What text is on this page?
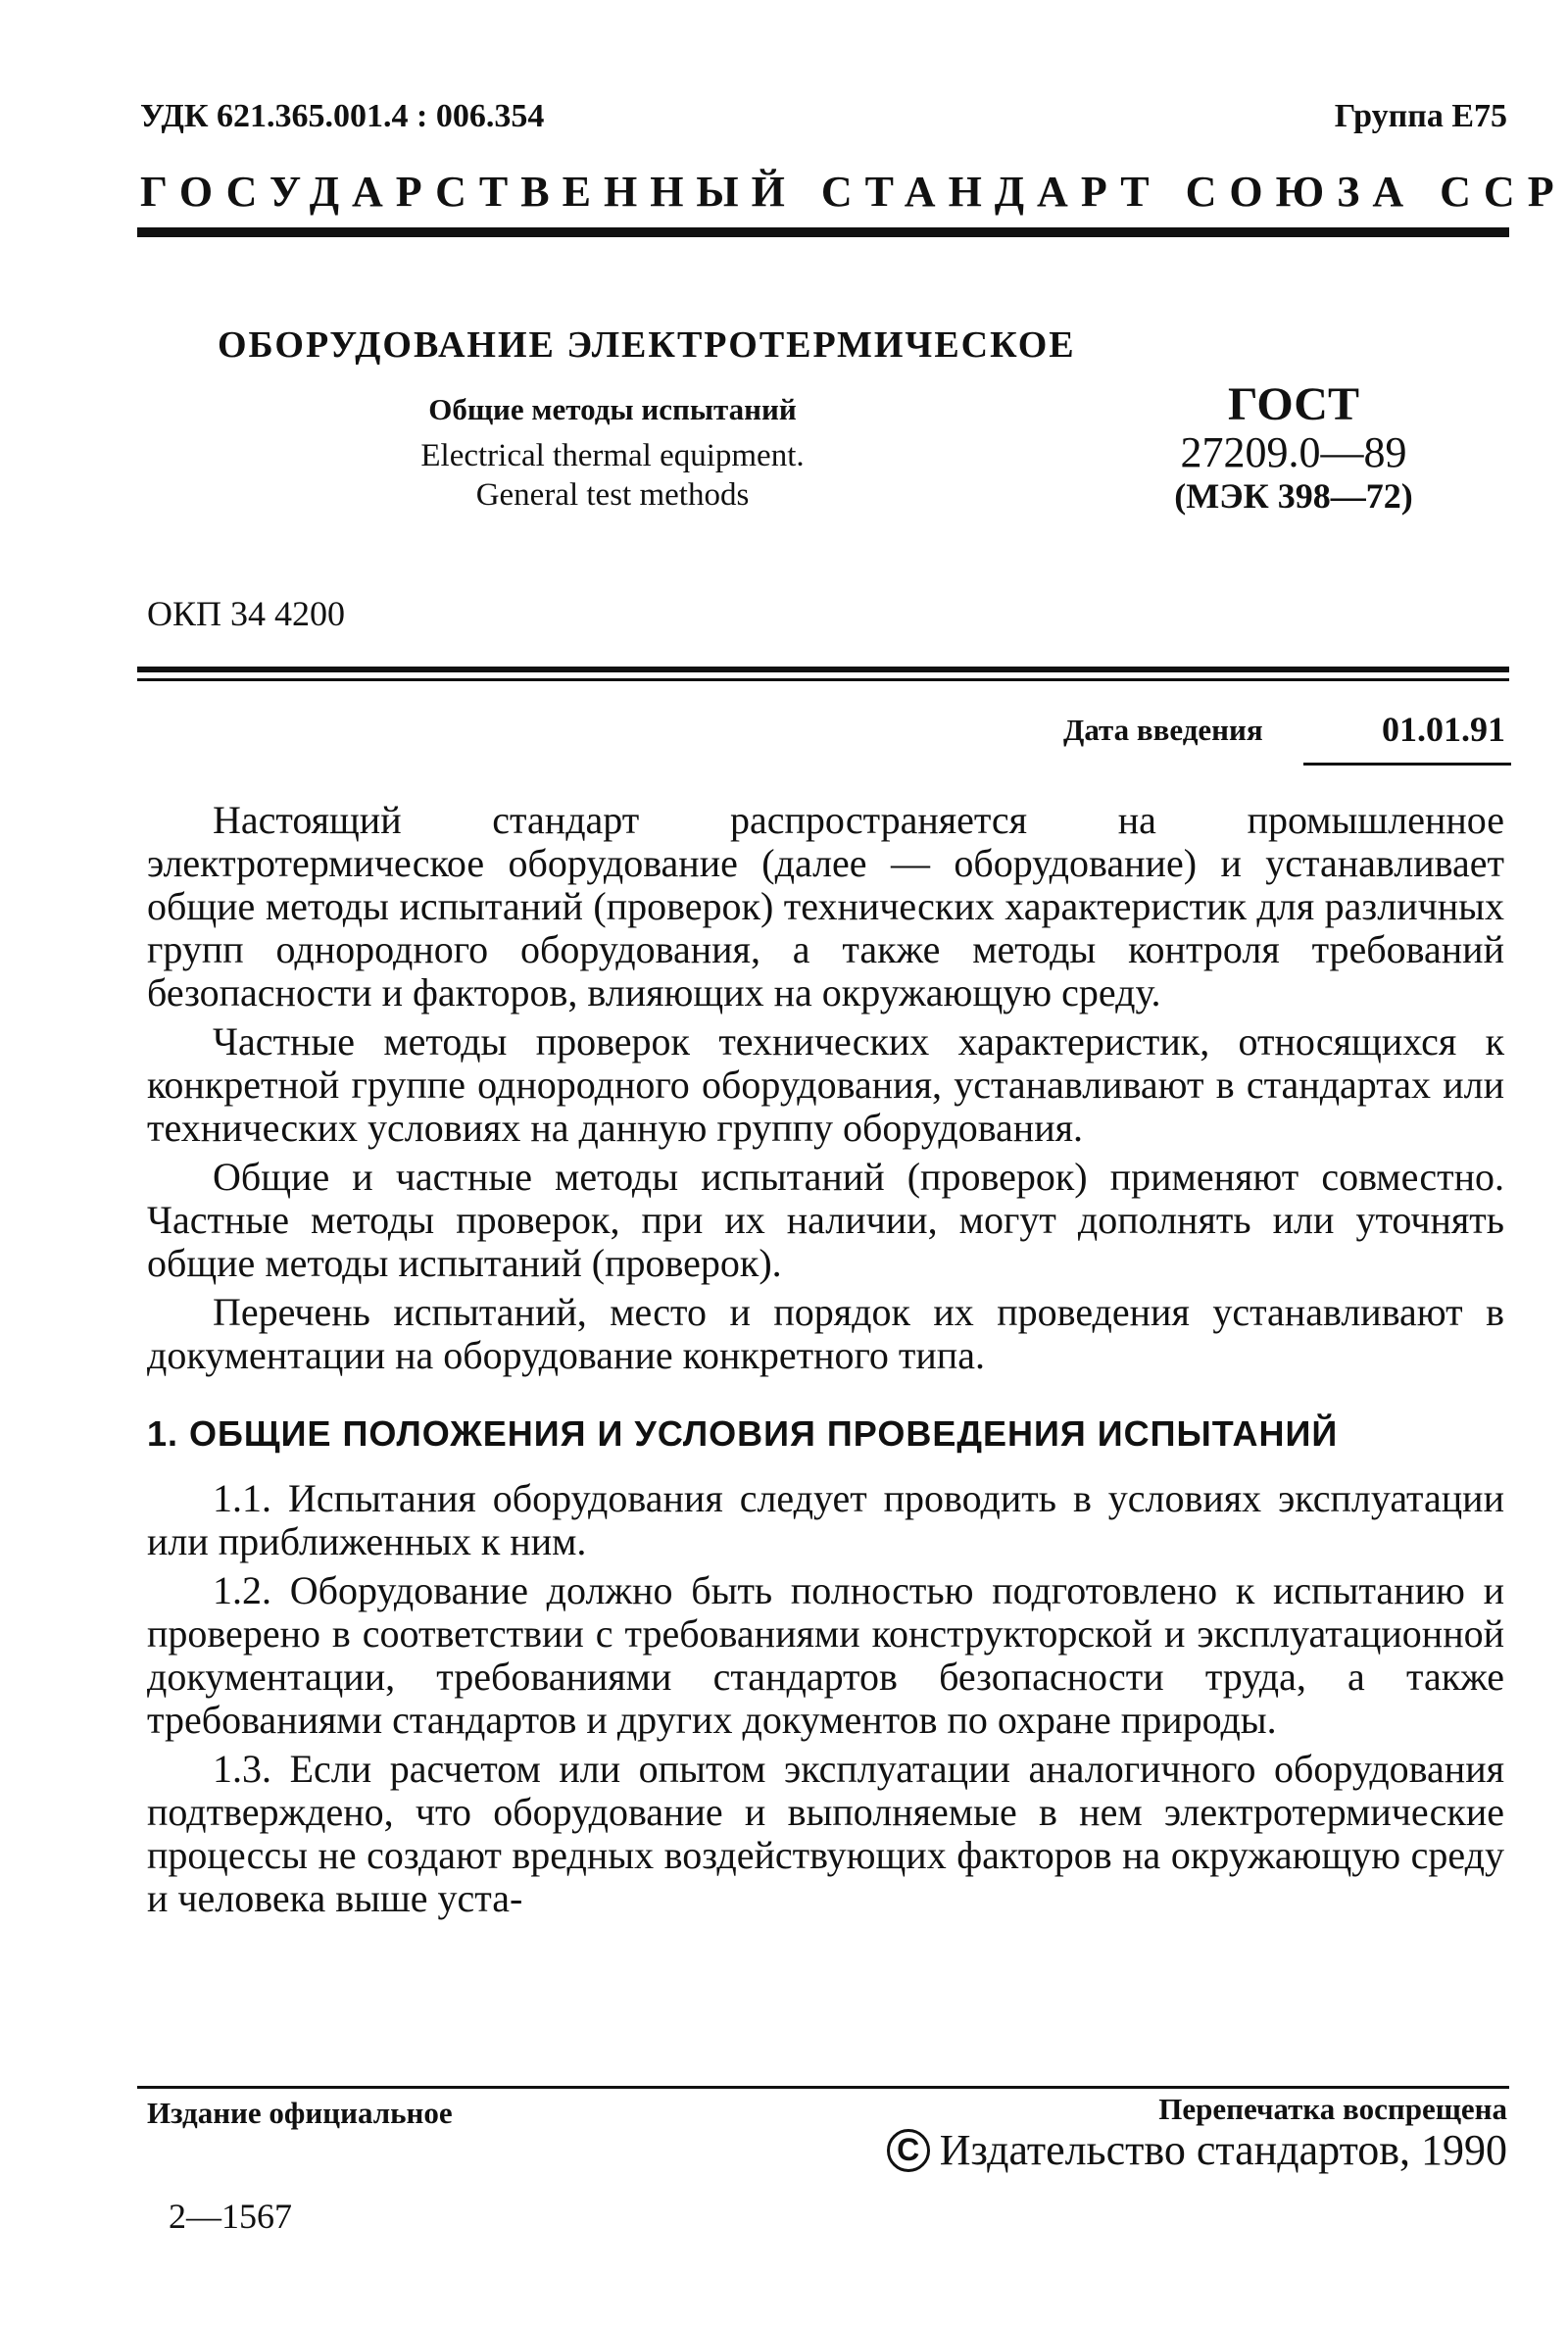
УДК 621.365.001.4 : 006.354	Группа Е75
ГОСУДАРСТВЕННЫЙ СТАНДАРТ СОЮЗА ССР
ОБОРУДОВАНИЕ ЭЛЕКТРОТЕРМИЧЕСКОЕ
Общие методы испытаний
Electrical thermal equipment.
General test methods
ГОСТ
27209.0—89
(МЭК 398—72)
ОКП 34 4200
Дата введения	01.01.91

Настоящий стандарт распространяется на промышленное электротермическое оборудование (далее — оборудование) и устанавливает общие методы испытаний (проверок) технических характеристик для различных групп однородного оборудования, а также методы контроля требований безопасности и факторов, влияющих на окружающую среду.

Частные методы проверок технических характеристик, относящихся к конкретной группе однородного оборудования, устанавливают в стандартах или технических условиях на данную группу оборудования.

Общие и частные методы испытаний (проверок) применяют совместно. Частные методы проверок, при их наличии, могут дополнять или уточнять общие методы испытаний (проверок).

Перечень испытаний, место и порядок их проведения устанавливают в документации на оборудование конкретного типа.

1. ОБЩИЕ ПОЛОЖЕНИЯ И УСЛОВИЯ ПРОВЕДЕНИЯ ИСПЫТАНИЙ

1.1. Испытания оборудования следует проводить в условиях эксплуатации или приближенных к ним.

1.2. Оборудование должно быть полностью подготовлено к испытанию и проверено в соответствии с требованиями конструкторской и эксплуатационной документации, требованиями стандартов безопасности труда, а также требованиями стандартов и других документов по охране природы.

1.3. Если расчетом или опытом эксплуатации аналогичного оборудования подтверждено, что оборудование и выполняемые в нем электротермические процессы не создают вредных воздействующих факторов на окружающую среду и человека выше уста-

Издание официальное	Перепечатка воспрещена
C Издательство стандартов, 1990
2—1567
